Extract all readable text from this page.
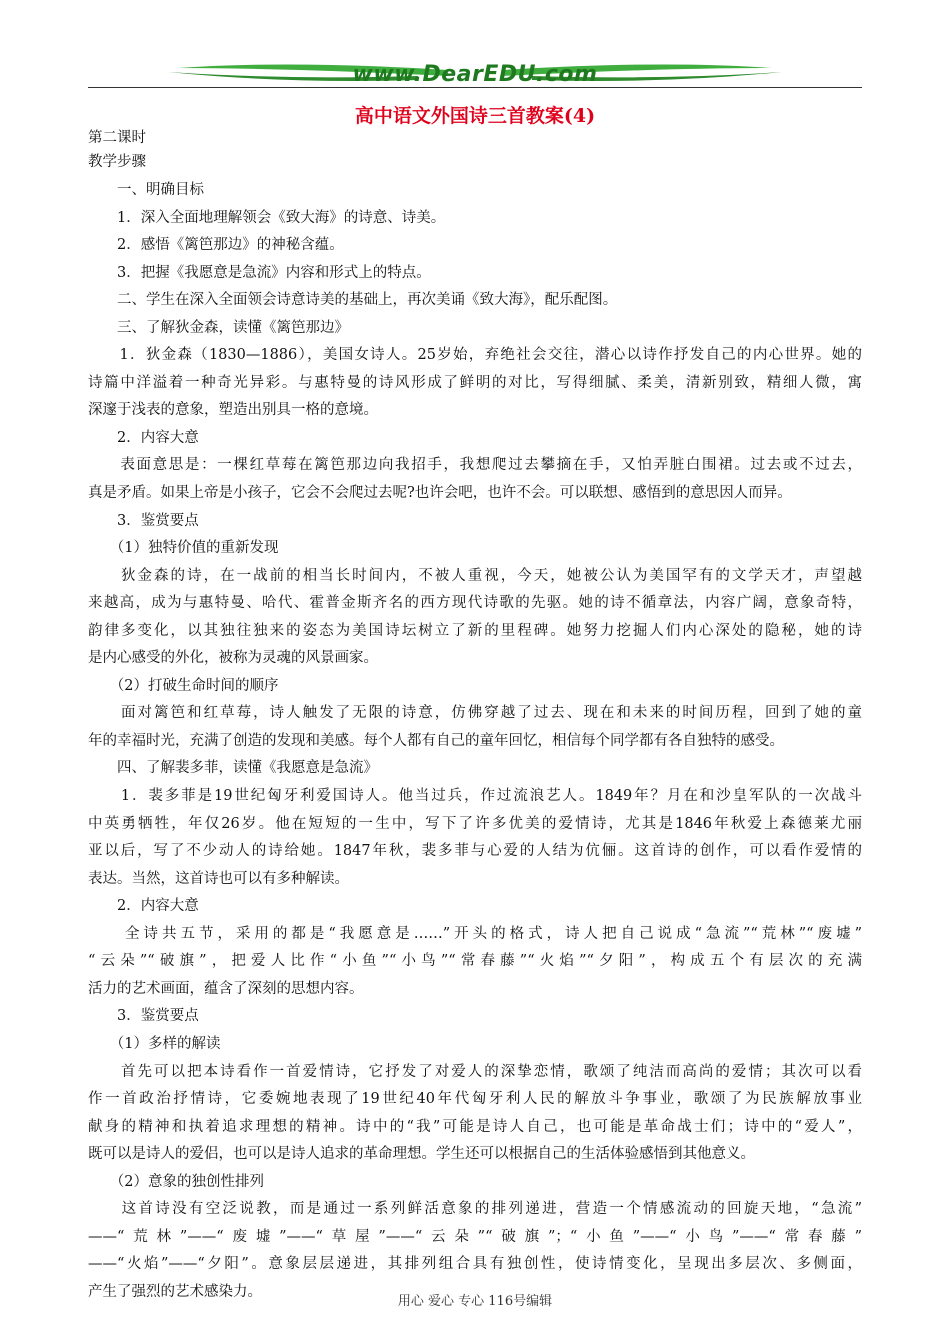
www.DearEDU.com
高中语文外国诗三首教案(4)
第二课时
教学步骤
　　一、明确目标
　　1．深入全面地理解领会《致大海》的诗意、诗美。
　　2．感悟《篱笆那边》的神秘含蕴。
　　3．把握《我愿意是急流》内容和形式上的特点。
　　二、学生在深入全面领会诗意诗美的基础上，再次美诵《致大海》，配乐配图。
　　三、了解狄金森，读懂《篱笆那边》
　　1．狄金森（1830—1886），美国女诗人。25岁始，弃绝社会交往，潜心以诗作抒发自己的内心世界。她的
诗篇中洋溢着一种奇光异彩。与惠特曼的诗风形成了鲜明的对比，写得细腻、柔美，清新别致，精细人微，寓
深邃于浅表的意象，塑造出别具一格的意境。
　　2．内容大意
　　表面意思是：一棵红草莓在篱笆那边向我招手，我想爬过去攀摘在手，又怕弄脏白围裙。过去或不过去，
真是矛盾。如果上帝是小孩子，它会不会爬过去呢?也许会吧，也许不会。可以联想、感悟到的意思因人而异。
　　3．鉴赏要点
　　（1）独特价值的重新发现
　　狄金森的诗，在一战前的相当长时间内，不被人重视，今天，她被公认为美国罕有的文学天才，声望越
来越高，成为与惠特曼、哈代、霍普金斯齐名的西方现代诗歌的先驱。她的诗不循章法，内容广阔，意象奇特，
韵律多变化，以其独往独来的姿态为美国诗坛树立了新的里程碑。她努力挖掘人们内心深处的隐秘，她的诗
是内心感受的外化，被称为灵魂的风景画家。
　　（2）打破生命时间的顺序
　　面对篱笆和红草莓，诗人触发了无限的诗意，仿佛穿越了过去、现在和未来的时间历程，回到了她的童
年的幸福时光，充满了创造的发现和美感。每个人都有自己的童年回忆，相信每个同学都有各自独特的感受。
　　四、了解裴多菲，读懂《我愿意是急流》
　　1．裴多菲是19世纪匈牙利爱国诗人。他当过兵，作过流浪艺人。1849年？月在和沙皇军队的一次战斗
中英勇牺牲，年仅26岁。他在短短的一生中，写下了许多优美的爱情诗，尤其是1846年秋爱上森德莱尤丽
亚以后，写了不少动人的诗给她。1847年秋，裴多菲与心爱的人结为伉俪。这首诗的创作，可以看作爱情的
表达。当然，这首诗也可以有多种解读。
　　2．内容大意
　　全诗共五节，采用的都是“我愿意是……”开头的格式，诗人把自己说成“急流”“荒林”“废墟”
“云朵”“破旗”，把爱人比作“小鱼”“小鸟”“常春藤”“火焰”“夕阳”，构成五个有层次的充满
活力的艺术画面，蕴含了深刻的思想内容。
　　3．鉴赏要点
　　（1）多样的解读
　　首先可以把本诗看作一首爱情诗，它抒发了对爱人的深挚恋情，歌颂了纯洁而高尚的爱情；其次可以看
作一首政治抒情诗，它委婉地表现了19世纪40年代匈牙利人民的解放斗争事业，歌颂了为民族解放事业
献身的精神和执着追求理想的精神。诗中的“我”可能是诗人自己，也可能是革命战士们；诗中的“爱人”，
既可以是诗人的爱侣，也可以是诗人追求的革命理想。学生还可以根据自己的生活体验感悟到其他意义。
　　（2）意象的独创性排列
　　这首诗没有空泛说教，而是通过一系列鲜活意象的排列递进，营造一个情感流动的回旋天地，“急流”
——“荒林”——“废墟”——“草屋”——“云朵”“破旗”；“小鱼”——“小鸟”——“常春藤”
——“火焰”——“夕阳”。意象层层递进，其排列组合具有独创性，使诗情变化，呈现出多层次、多侧面，
产生了强烈的艺术感染力。
用心 爱心 专心 116号编辑
